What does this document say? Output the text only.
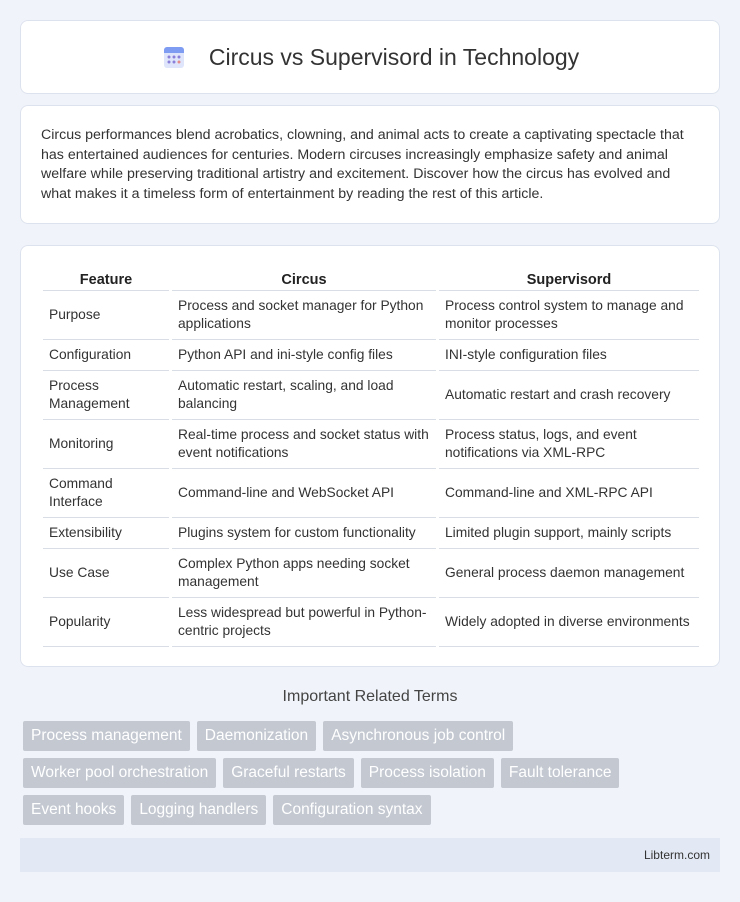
Circus vs Supervisord in Technology

Circus performances blend acrobatics, clowning, and animal acts to create a captivating spectacle that has entertained audiences for centuries. Modern circuses increasingly emphasize safety and animal welfare while preserving traditional artistry and excitement. Discover how the circus has evolved and what makes it a timeless form of entertainment by reading the rest of this article.

Feature	Circus	Supervisord
Purpose	Process and socket manager for Python applications	Process control system to manage and monitor processes
Configuration	Python API and ini-style config files	INI-style configuration files
Process Management	Automatic restart, scaling, and load balancing	Automatic restart and crash recovery
Monitoring	Real-time process and socket status with event notifications	Process status, logs, and event notifications via XML-RPC
Command Interface	Command-line and WebSocket API	Command-line and XML-RPC API
Extensibility	Plugins system for custom functionality	Limited plugin support, mainly scripts
Use Case	Complex Python apps needing socket management	General process daemon management
Popularity	Less widespread but powerful in Python-centric projects	Widely adopted in diverse environments
Important Related Terms
Process management	Daemonization	Asynchronous job control
Worker pool orchestration	Graceful restarts	Process isolation	Fault tolerance
Event hooks	Logging handlers	Configuration syntax
Libterm.com
